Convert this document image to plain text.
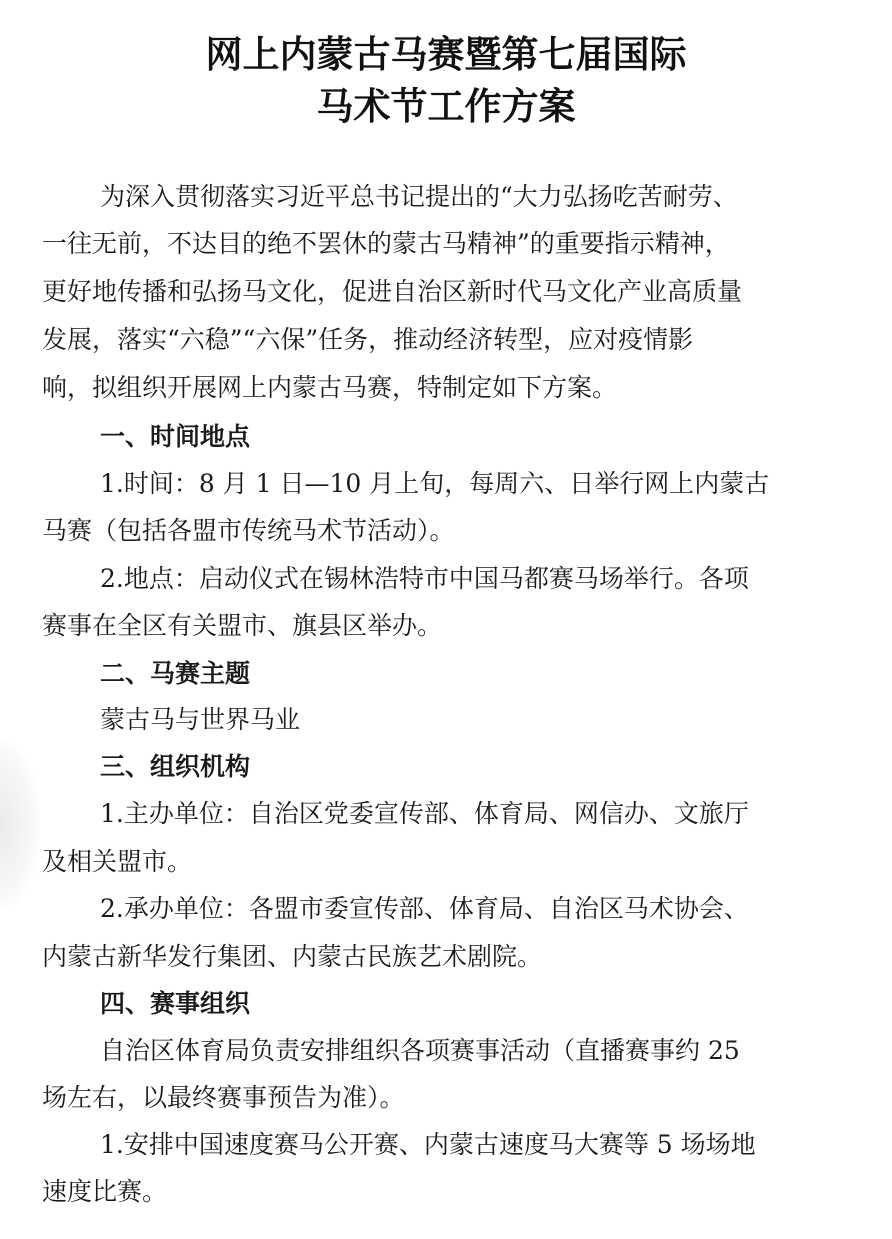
网上内蒙古马赛暨第七届国际
马术节工作方案
为深入贯彻落实习近平总书记提出的“大力弘扬吃苦耐劳、
一往无前，不达目的绝不罢休的蒙古马精神”的重要指示精神，
更好地传播和弘扬马文化，促进自治区新时代马文化产业高质量
发展，落实“六稳”“六保”任务，推动经济转型，应对疫情影
响，拟组织开展网上内蒙古马赛，特制定如下方案。
一、时间地点
1.时间：8 月 1 日—10 月上旬，每周六、日举行网上内蒙古
马赛（包括各盟市传统马术节活动）。
2.地点：启动仪式在锡林浩特市中国马都赛马场举行。各项
赛事在全区有关盟市、旗县区举办。
二、马赛主题
蒙古马与世界马业
三、组织机构
1.主办单位：自治区党委宣传部、体育局、网信办、文旅厅
及相关盟市。
2.承办单位：各盟市委宣传部、体育局、自治区马术协会、
内蒙古新华发行集团、内蒙古民族艺术剧院。
四、赛事组织
自治区体育局负责安排组织各项赛事活动（直播赛事约 25
场左右，以最终赛事预告为准）。
1.安排中国速度赛马公开赛、内蒙古速度马大赛等 5 场场地
速度比赛。
